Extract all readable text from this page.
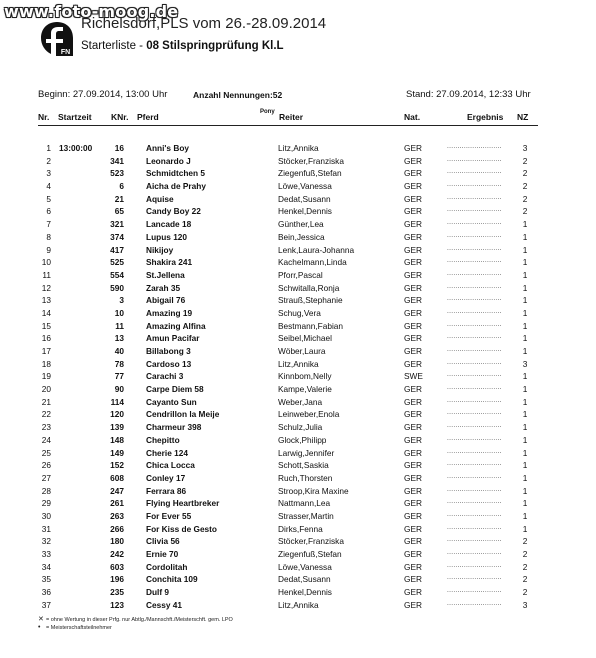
www.foto-moog.de
FN
Richelsdorf,PLS vom 26.-28.09.2014
Starterliste - 08 Stilspringprüfung Kl.L
Beginn: 27.09.2014, 13:00 Uhr	Anzahl Nennungen:52	Stand: 27.09.2014, 12:33 Uhr
Nr. Startzeit KNr. Pferd	Pony Reiter	Nat.	Ergebnis NZ
1 13:00:00	16	Anni's Boy	Litz,Annika	GER	3
..........................
2	341	Leonardo J	Stöcker,Franziska	GER	2
..........................
3	523	Schmidtchen 5	Ziegenfuß,Stefan	GER	2
..........................
4	6	Aicha de Prahy	Löwe,Vanessa	GER	2
..........................
5	21	Aquise	Dedat,Susann	GER	2
..........................
6	65	Candy Boy 22	Henkel,Dennis	GER	2
..........................
7	321	Lancade 18	Günther,Lea	GER	1
..........................
8	374	Lupus 120	Bein,Jessica	GER	1
..........................
9	417	Nikijoy	Lenk,Laura-Johanna	GER	1
..........................
10	525	Shakira 241	Kachelmann,Linda	GER	1
..........................
11	554	St.Jellena	Pforr,Pascal	GER	1
..........................
12	590	Zarah 35	Schwitalla,Ronja	GER	1
..........................
13	3	Abigail 76	Strauß,Stephanie	GER	1
..........................
14	10	Amazing 19	Schug,Vera	GER	1
..........................
15	11	Amazing Alfina	Bestmann,Fabian	GER	1
..........................
16	13	Amun Pacifar	Seibel,Michael	GER	1
..........................
17	40	Billabong 3	Wöber,Laura	GER	1
..........................
18	78	Cardoso 13	Litz,Annika	GER	3
..........................
19	77	Carachi 3	Kinnbom,Nelly	SWE	1
..........................
20	90	Carpe Diem 58	Kampe,Valerie	GER	1
..........................
21	114	Cayanto Sun	Weber,Jana	GER	1
..........................
22	120	Cendrillon la Meije	Leinweber,Enola	GER	1
..........................
23	139	Charmeur 398	Schulz,Julia	GER	1
..........................
24	148	Chepitto	Glock,Philipp	GER	1
..........................
25	149	Cherie 124	Larwig,Jennifer	GER	1
..........................
26	152	Chica Locca	Schott,Saskia	GER	1
..........................
27	608	Conley 17	Ruch,Thorsten	GER	1
..........................
28	247	Ferrara 86	Stroop,Kira Maxine	GER	1
..........................
29	261	Flying Heartbreker	Nattmann,Lea	GER	1
..........................
30	263	For Ever 55	Strasser,Martin	GER	1
..........................
31	266	For Kiss de Gesto	Dirks,Fenna	GER	1
..........................
32	180	Clivia 56	Stöcker,Franziska	GER	2
..........................
33	242	Ernie 70	Ziegenfuß,Stefan	GER	2
..........................
34	603	Cordolitah	Löwe,Vanessa	GER	2
..........................
35	196	Conchita 109	Dedat,Susann	GER	2
..........................
36	235	Dulf 9	Henkel,Dennis	GER	2
..........................
37	123	Cessy 41	Litz,Annika	GER	3
..........................
✕ = ohne Wertung in dieser Prfg. nur Abtlg./Mannschft./Meisterschft. gem. LPO
• = Meisterschaftsteilnehmer
